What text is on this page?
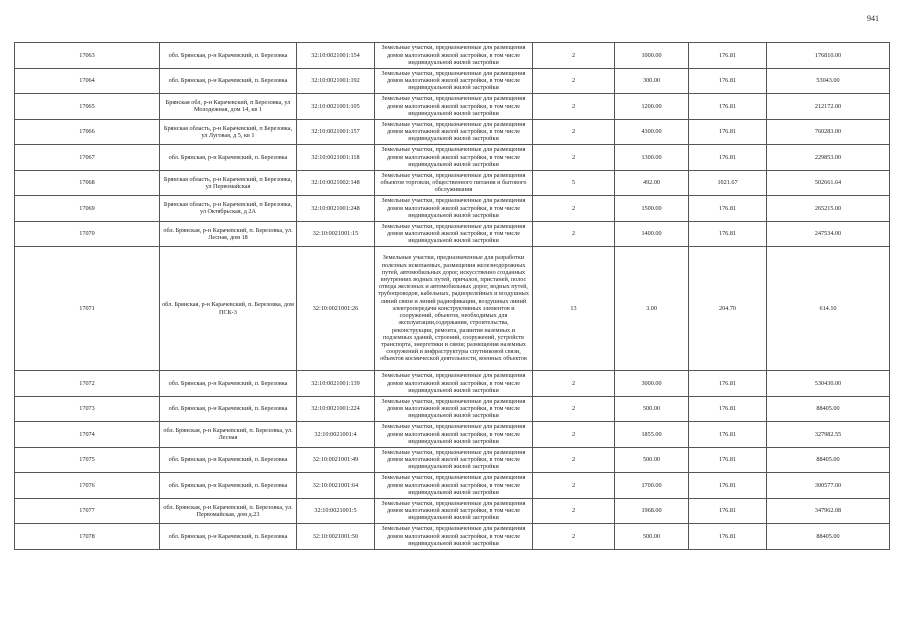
941
17063	обл. Брянская, р-н Карачевский, п. Березовка	32:10:0021001:154	Земельные участки, предназначенные для размещения домов малоэтажной жилой застройки, в том числе индивидуальной жилой застройки	2	1000.00	176.81	176810.00
17064	обл. Брянская, р-н Карачевский, п. Березовка	32:10:0021001:192	Земельные участки, предназначенные для размещения домов малоэтажной жилой застройки, в том числе индивидуальной жилой застройки	2	300.00	176.81	53043.00
17065	Брянская обл, р-н Карачевский, п Березовка, ул Молодежная, дом 14, кв 1	32:10:0021001:105	Земельные участки, предназначенные для размещения домов малоэтажной жилой застройки, в том числе индивидуальной жилой застройки	2	1200.00	176.81	212172.00
17066	Брянская область, р-н Карачевский, п Березовка, ул Луговая, д 5, кв 1	32:10:0021001:157	Земельные участки, предназначенные для размещения домов малоэтажной жилой застройки, в том числе индивидуальной жилой застройки	2	4300.00	176.81	760283.00
17067	обл. Брянская, р-н Карачевский, п. Березовка	32:10:0021001:118	Земельные участки, предназначенные для размещения домов малоэтажной жилой застройки, в том числе индивидуальной жилой застройки	2	1300.00	176.81	229853.00
17068	Брянская область, р-н Карачевский, п Березовка, ул Первомайская	32:10:0021002:148	Земельные участки, предназначенные для размещения объектов торговли, общественного питания и бытового обслуживания	5	492.00	1021.67	502661.64
17069	Брянская область, р-н Карачевский, п Березовка, ул Октябрьская, д 2А	32:10:0021001:248	Земельные участки, предназначенные для размещения домов малоэтажной жилой застройки, в том числе индивидуальной жилой застройки	2	1500.00	176.81	265215.00
17070	обл. Брянская, р-н Карачевский, п. Березовка, ул. Лесная, дом 18	32:10:0021001:15	Земельные участки, предназначенные для размещения домов малоэтажной жилой застройки, в том числе индивидуальной жилой застройки	2	1400.00	176.81	247534.00
17071	обл. Брянская, р-н Карачевский, п. Березовка, дом ПСК-3	32:10:0021001:26	Земельные участки, предназначенные для разработки полезных ископаемых, размещения железнодорожных путей, автомобильных дорог, искусственно созданных внутренних водных путей, причалов, пристаней, полос отвода железных и автомобильных дорог, водных путей, трубопроводов, кабельных, радиорелейных и воздушных линий связи и линий радиофикации, воздушных линий электропередачи конструктивных элементов и сооружений, объектов, необходимых для эксплуатации,содержания, строительства, реконструкции, ремонта, развития наземных и подземных зданий, строений, сооружений, устройств транспорта, энергетики и связи; размещения наземных сооружений и инфраструктуры спутниковой связи, объектов космической деятельности, военных объектов	13	3.00	204.70	614.10
17072	обл. Брянская, р-н Карачевский, п. Березовка	32:10:0021001:139	Земельные участки, предназначенные для размещения домов малоэтажной жилой застройки, в том числе индивидуальной жилой застройки	2	3000.00	176.81	530430.00
17073	обл. Брянская, р-н Карачевский, п. Березовка	32:10:0021001:224	Земельные участки, предназначенные для размещения домов малоэтажной жилой застройки, в том числе индивидуальной жилой застройки	2	500.00	176.81	88405.00
17074	обл. Брянская, р-н Карачевский, п. Березовка, ул. Лесная	32:10:0021001:4	Земельные участки, предназначенные для размещения домов малоэтажной жилой застройки, в том числе индивидуальной жилой застройки	2	1855.00	176.81	327982.55
17075	обл. Брянская, р-н Карачевский, п. Березовка	32:10:0021001:49	Земельные участки, предназначенные для размещения домов малоэтажной жилой застройки, в том числе индивидуальной жилой застройки	2	500.00	176.81	88405.00
17076	обл. Брянская, р-н Карачевский, п. Березовка	32:10:0021001:64	Земельные участки, предназначенные для размещения домов малоэтажной жилой застройки, в том числе индивидуальной жилой застройки	2	1700.00	176.81	300577.00
17077	обл. Брянская, р-н Карачевский, п. Березовка, ул. Первомайская, дом д.23	32:10:0021001:5	Земельные участки, предназначенные для размещения домов малоэтажной жилой застройки, в том числе индивидуальной жилой застройки	2	1968.00	176.81	347962.08
17078	обл. Брянская, р-н Карачевский, п. Березовка	32:10:0021001:50	Земельные участки, предназначенные для размещения домов малоэтажной жилой застройки, в том числе индивидуальной жилой застройки	2	500.00	176.81	88405.00
